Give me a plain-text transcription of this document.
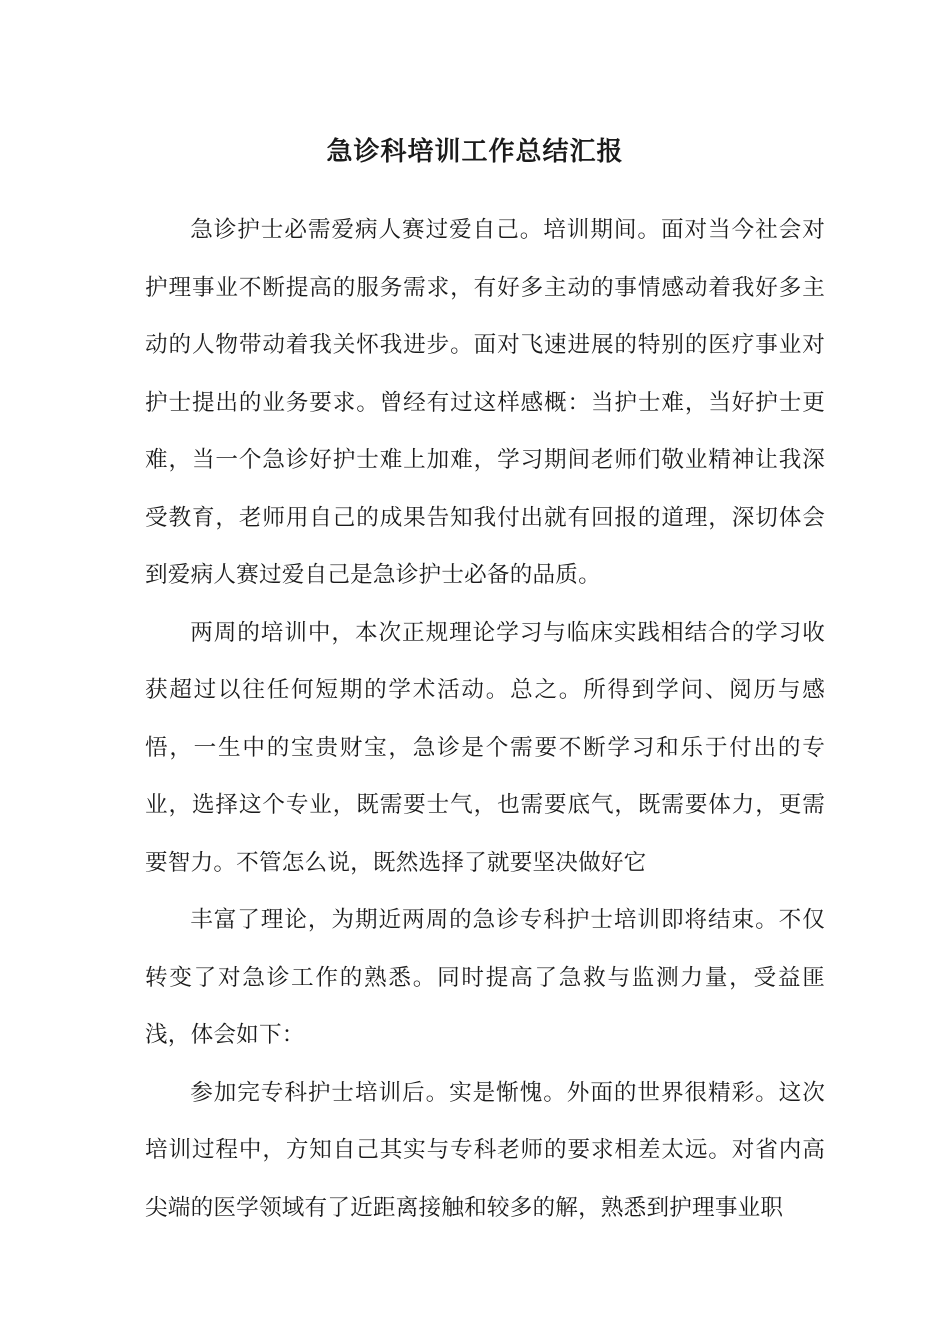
急诊科培训工作总结汇报

急诊护士必需爱病人赛过爱自己。培训期间。面对当今社会对护理事业不断提高的服务需求，有好多主动的事情感动着我好多主动的人物带动着我关怀我进步。面对飞速进展的特别的医疗事业对护士提出的业务要求。曾经有过这样感概：当护士难，当好护士更难，当一个急诊好护士难上加难，学习期间老师们敬业精神让我深受教育，老师用自己的成果告知我付出就有回报的道理，深切体会到爱病人赛过爱自己是急诊护士必备的品质。

两周的培训中，本次正规理论学习与临床实践相结合的学习收获超过以往任何短期的学术活动。总之。所得到学问、阅历与感悟，一生中的宝贵财宝，急诊是个需要不断学习和乐于付出的专业，选择这个专业，既需要士气，也需要底气，既需要体力，更需要智力。不管怎么说，既然选择了就要坚决做好它

丰富了理论，为期近两周的急诊专科护士培训即将结束。不仅转变了对急诊工作的熟悉。同时提高了急救与监测力量，受益匪浅，体会如下：

参加完专科护士培训后。实是惭愧。外面的世界很精彩。这次培训过程中，方知自己其实与专科老师的要求相差太远。对省内高尖端的医学领域有了近距离接触和较多的解，熟悉到护理事业职
